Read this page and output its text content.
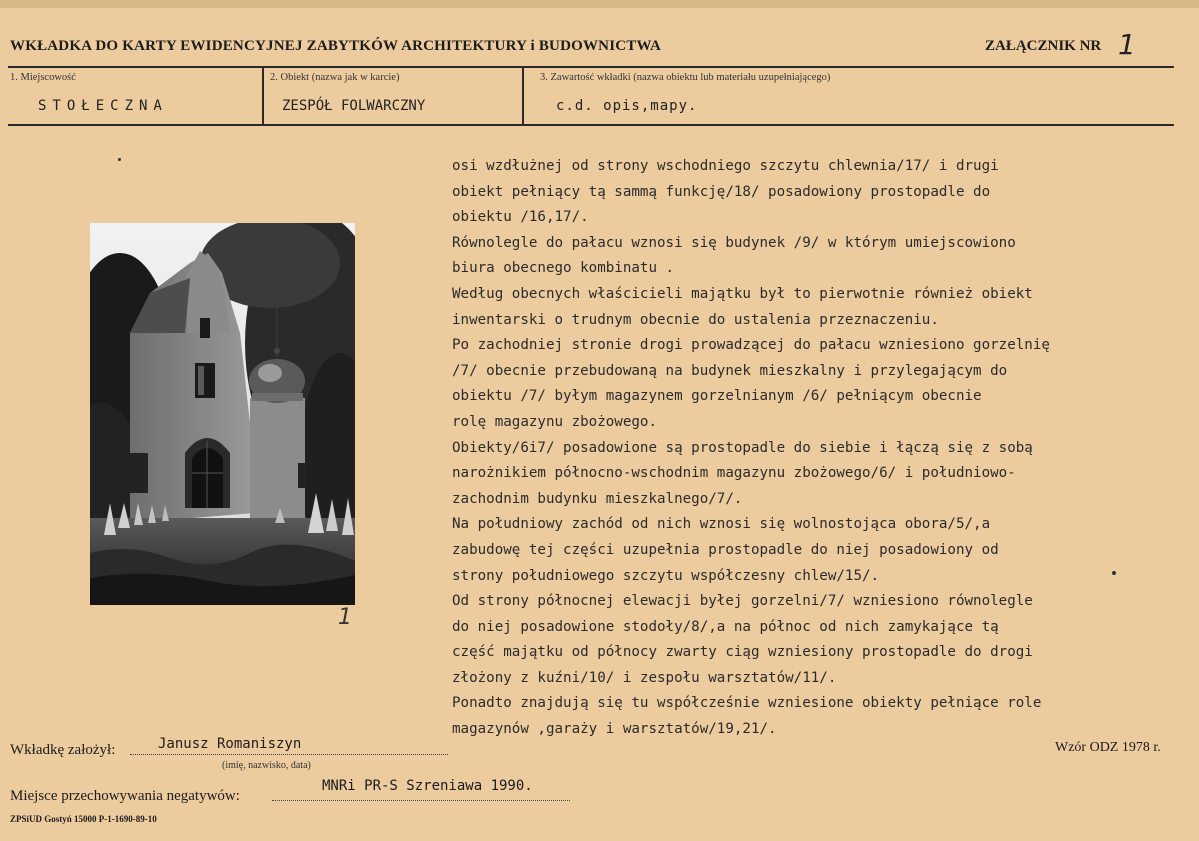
WKŁADKA DO KARTY EWIDENCYJNEJ ZABYTKÓW ARCHITEKTURY i BUDOWNICTWA	ZAŁĄCZNIK NR 1
1. Miejscowość
STOŁECZNA
2. Obiekt (nazwa jak w karcie)
ZESPÓŁ FOLWARCZNY
3. Zawartość wkładki (nazwa obiektu lub materiału uzupełniającego)
c.d. opis,mapy.
1
osi wzdłużnej od strony wschodniego szczytu chlewnia/17/ i drugi
obiekt pełniący tą sammą funkcję/18/ posadowiony prostopadle do
obiektu /16,17/.
Równolegle do pałacu wznosi się budynek /9/ w którym umiejscowiono
biura obecnego kombinatu .
Według obecnych właścicieli majątku był to pierwotnie również obiekt
inwentarski o trudnym obecnie do ustalenia przeznaczeniu.
Po zachodniej stronie drogi prowadzącej do pałacu wzniesiono gorzelnię
/7/ obecnie przebudowaną na budynek mieszkalny i przylegającym do
obiektu /7/ byłym magazynem gorzelnianym /6/ pełniącym obecnie
rolę magazynu zbożowego.
Obiekty/6i7/ posadowione są prostopadle do siebie i łączą się z sobą
narożnikiem północno-wschodnim magazynu zbożowego/6/ i południowo-
zachodnim budynku mieszkalnego/7/.
Na południowy zachód od nich wznosi się wolnostojąca obora/5/,a
zabudowę tej części uzupełnia prostopadle do niej posadowiony od
strony południowego szczytu współczesny chlew/15/.
Od strony północnej elewacji byłej gorzelni/7/ wzniesiono równolegle
do niej posadowione stodoły/8/,a na północ od nich zamykające tą
część majątku od północy zwarty ciąg wzniesiony prostopadle do drogi
złożony z kuźni/10/ i zespołu warsztatów/11/.
Ponadto znajdują się tu współcześnie wzniesione obiekty pełniące role
magazynów ,garaży i warsztatów/19,21/.
Wkładkę założył:	Janusz Romaniszyn
(imię, nazwisko, data)
Wzór ODZ 1978 r.
Miejsce przechowywania negatywów:
MNRi PR-S Szreniawa 1990.
ZPSiUD Gostyń 15000 P-1-1690-89-10
